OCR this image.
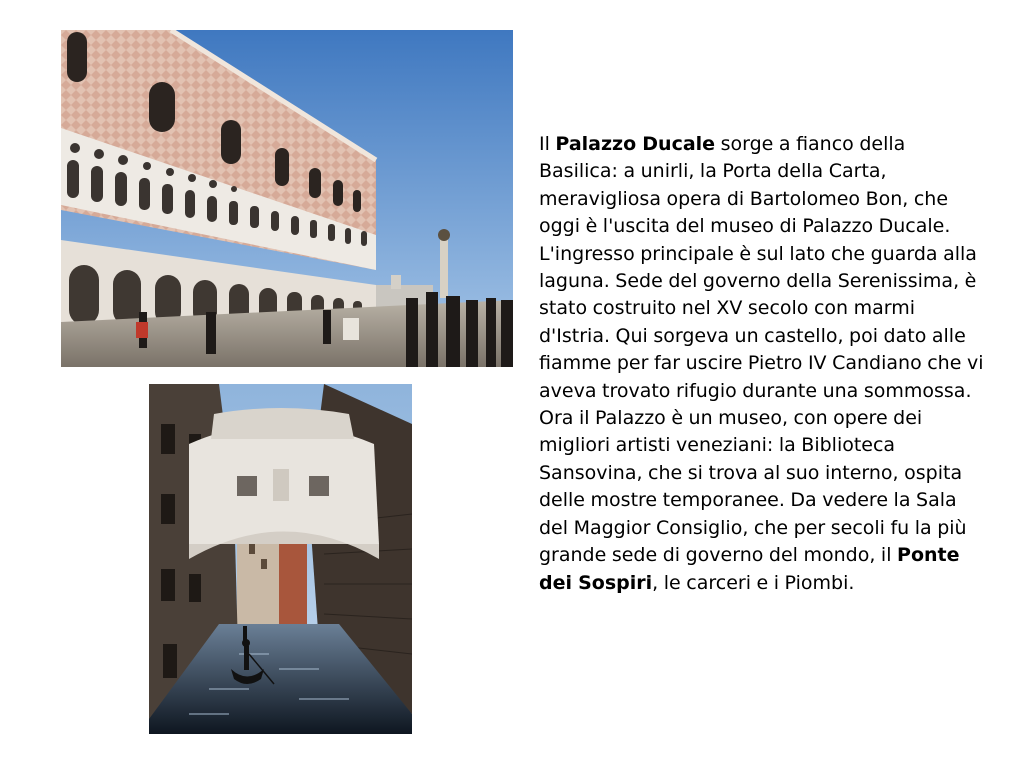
Il Palazzo Ducale sorge a fianco della Basilica: a unirli, la Porta della Carta, meravigliosa opera di Bartolomeo Bon, che oggi è l'uscita del museo di Palazzo Ducale. L'ingresso principale è sul lato che guarda alla laguna. Sede del governo della Serenissima, è stato costruito nel XV secolo con marmi d'Istria. Qui sorgeva un castello, poi dato alle fiamme per far uscire Pietro IV Candiano che vi aveva trovato rifugio durante una sommossa. Ora il Palazzo è un museo, con opere dei migliori artisti veneziani: la Biblioteca Sansovina, che si trova al suo interno, ospita delle mostre temporanee. Da vedere la Sala del Maggior Consiglio, che per secoli fu la più grande sede di governo del mondo, il Ponte dei Sospiri, le carceri e i Piombi.
